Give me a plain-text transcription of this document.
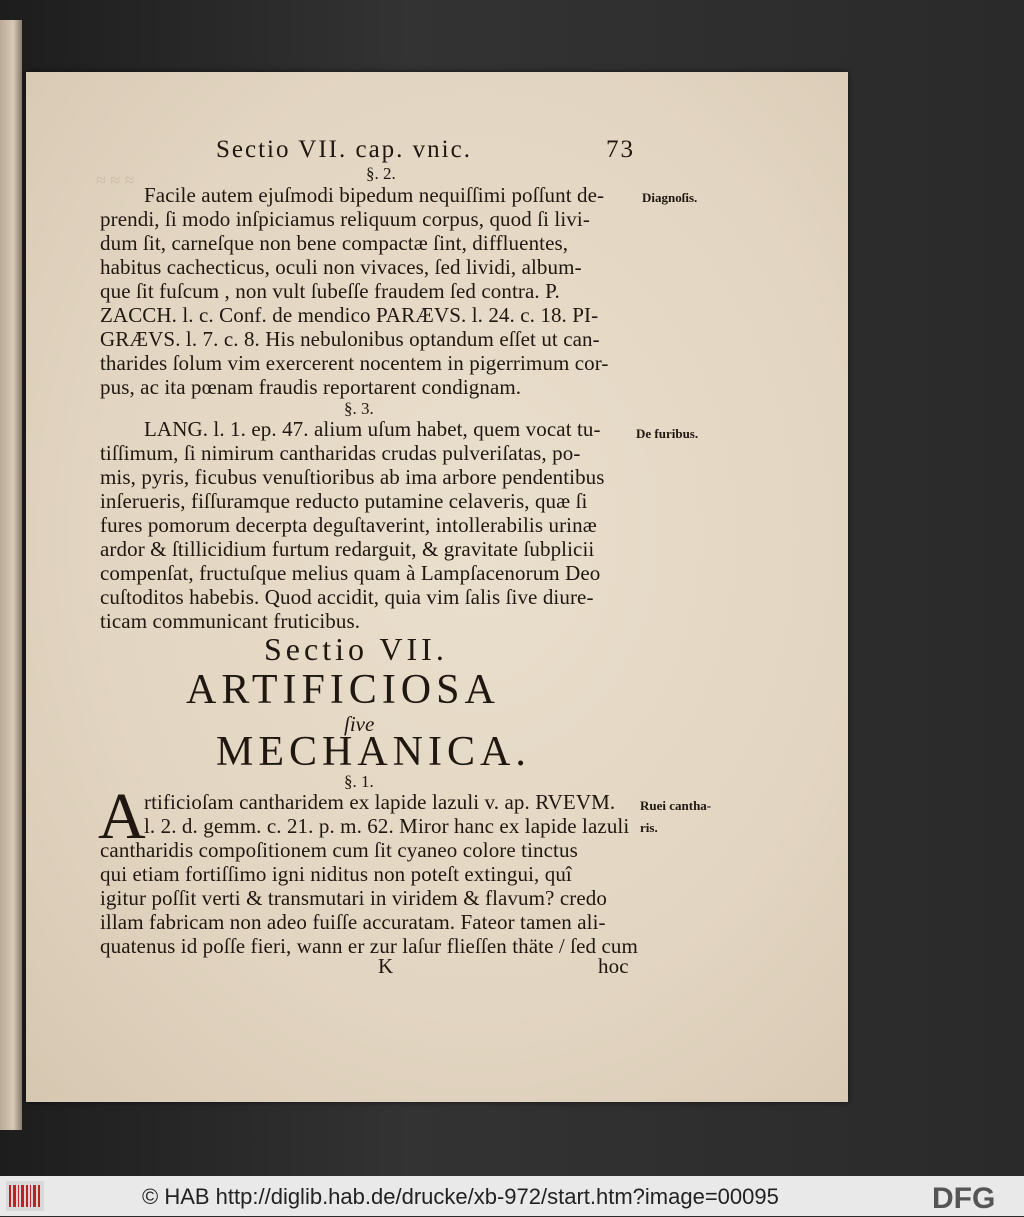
≈ ≈ ≈
Sectio VII. cap. vnic.	73
§. 2.
Facile autem ejuſmodi bipedum nequiſſimi poſſunt de-
prendi, ſi modo inſpiciamus reliquum corpus, quod ſi livi-
dum ſit, carneſque non bene compactæ ſint, diffluentes,
habitus cachecticus, oculi non vivaces, ſed lividi, album-
que ſit fuſcum , non vult ſubeſſe fraudem ſed contra. P.
ZACCH. l. c. Conf. de mendico PARÆVS. l. 24. c. 18. PI-
GRÆVS. l. 7. c. 8. His nebulonibus optandum eſſet ut can-
tharides ſolum vim exercerent nocentem in pigerrimum cor-
pus, ac ita pœnam fraudis reportarent condignam.
§. 3.
LANG. l. 1. ep. 47. alium uſum habet, quem vocat tu-
tiſſimum, ſi nimirum cantharidas crudas pulveriſatas, po-
mis, pyris, ficubus venuſtioribus ab ima arbore pendentibus
inſerueris, fiſſuramque reducto putamine celaveris, quæ ſi
fures pomorum decerpta deguſtaverint, intollerabilis urinæ
ardor & ſtillicidium furtum redarguit, & gravitate ſubplicii
compenſat, fructuſque melius quam à Lampſacenorum Deo
cuſtoditos habebis. Quod accidit, quia vim ſalis ſive diure-
ticam communicant fruticibus.
Sectio VII.
ARTIFICIOSA
ſive
MECHANICA.
§. 1.
A
rtificioſam cantharidem ex lapide lazuli v. ap. RVEVM.
l. 2. d. gemm. c. 21. p. m. 62. Miror hanc ex lapide lazuli
cantharidis compoſitionem cum ſit cyaneo colore tinctus
qui etiam fortiſſimo igni niditus non poteſt extingui, quî
igitur poſſit verti & transmutari in viridem & flavum? credo
illam fabricam non adeo fuiſſe accuratam. Fateor tamen ali-
quatenus id poſſe fieri, wann er zur laſur flieſſen thäte / ſed cum
K	hoc
Diagnoſis.
De furibus.
Ruei cantha-
ris.
© HAB http://diglib.hab.de/drucke/xb-972/start.htm?image=00095	DFG
